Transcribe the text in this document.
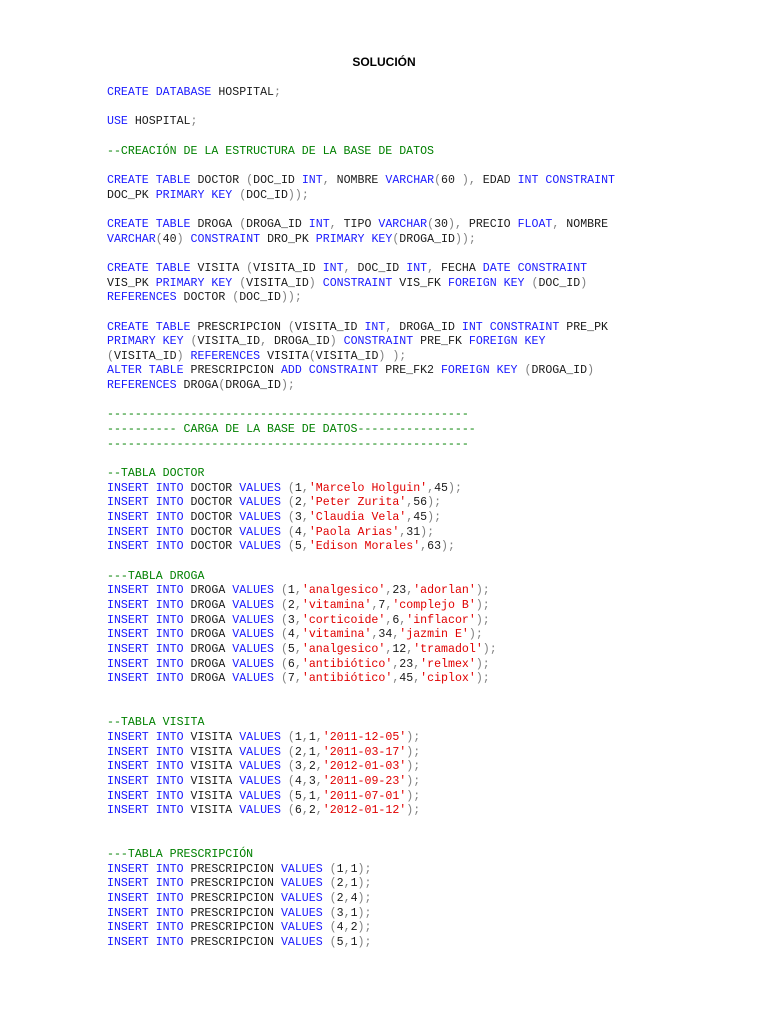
SOLUCIÓN
CREATE DATABASE HOSPITAL;
USE HOSPITAL;
--CREACIÓN DE LA ESTRUCTURA DE LA BASE DE DATOS
CREATE TABLE DOCTOR (DOC_ID INT, NOMBRE VARCHAR(60 ), EDAD INT CONSTRAINT
DOC_PK PRIMARY KEY (DOC_ID));
CREATE TABLE DROGA (DROGA_ID INT, TIPO VARCHAR(30), PRECIO FLOAT, NOMBRE
VARCHAR(40) CONSTRAINT DRO_PK PRIMARY KEY(DROGA_ID));
CREATE TABLE VISITA (VISITA_ID INT, DOC_ID INT, FECHA DATE CONSTRAINT
VIS_PK PRIMARY KEY (VISITA_ID) CONSTRAINT VIS_FK FOREIGN KEY (DOC_ID)
REFERENCES DOCTOR (DOC_ID));
CREATE TABLE PRESCRIPCION (VISITA_ID INT, DROGA_ID INT CONSTRAINT PRE_PK
PRIMARY KEY (VISITA_ID, DROGA_ID) CONSTRAINT PRE_FK FOREIGN KEY
(VISITA_ID) REFERENCES VISITA(VISITA_ID) );
ALTER TABLE PRESCRIPCION ADD CONSTRAINT PRE_FK2 FOREIGN KEY (DROGA_ID)
REFERENCES DROGA(DROGA_ID);
----------------------------------------------------
---------- CARGA DE LA BASE DE DATOS-----------------
----------------------------------------------------
--TABLA DOCTOR
INSERT INTO DOCTOR VALUES (1,'Marcelo Holguin',45);
INSERT INTO DOCTOR VALUES (2,'Peter Zurita',56);
INSERT INTO DOCTOR VALUES (3,'Claudia Vela',45);
INSERT INTO DOCTOR VALUES (4,'Paola Arias',31);
INSERT INTO DOCTOR VALUES (5,'Edison Morales',63);
---TABLA DROGA
INSERT INTO DROGA VALUES (1,'analgesico',23,'adorlan');
INSERT INTO DROGA VALUES (2,'vitamina',7,'complejo B');
INSERT INTO DROGA VALUES (3,'corticoide',6,'inflacor');
INSERT INTO DROGA VALUES (4,'vitamina',34,'jazmin E');
INSERT INTO DROGA VALUES (5,'analgesico',12,'tramadol');
INSERT INTO DROGA VALUES (6,'antibiótico',23,'relmex');
INSERT INTO DROGA VALUES (7,'antibiótico',45,'ciplox');
--TABLA VISITA
INSERT INTO VISITA VALUES (1,1,'2011-12-05');
INSERT INTO VISITA VALUES (2,1,'2011-03-17');
INSERT INTO VISITA VALUES (3,2,'2012-01-03');
INSERT INTO VISITA VALUES (4,3,'2011-09-23');
INSERT INTO VISITA VALUES (5,1,'2011-07-01');
INSERT INTO VISITA VALUES (6,2,'2012-01-12');
---TABLA PRESCRIPCIÓN
INSERT INTO PRESCRIPCION VALUES (1,1);
INSERT INTO PRESCRIPCION VALUES (2,1);
INSERT INTO PRESCRIPCION VALUES (2,4);
INSERT INTO PRESCRIPCION VALUES (3,1);
INSERT INTO PRESCRIPCION VALUES (4,2);
INSERT INTO PRESCRIPCION VALUES (5,1);
